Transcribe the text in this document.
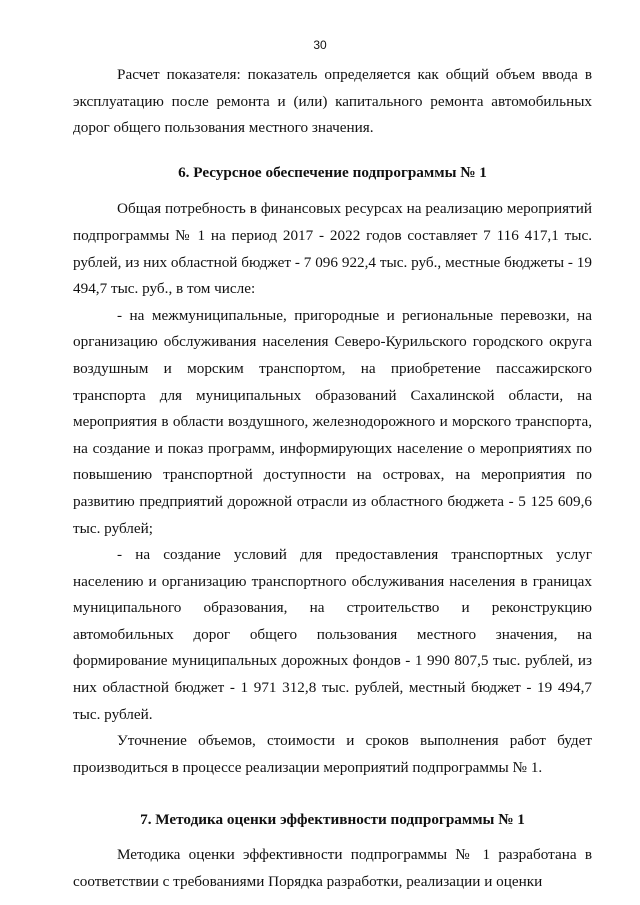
30

Расчет показателя: показатель определяется как общий объем ввода в эксплуатацию после ремонта и (или) капитального ремонта автомобильных дорог общего пользования местного значения.

6. Ресурсное обеспечение подпрограммы № 1

Общая потребность в финансовых ресурсах на реализацию мероприятий подпрограммы № 1 на период 2017 - 2022 годов составляет 7 116 417,1 тыс. рублей, из них областной бюджет - 7 096 922,4 тыс. руб., местные бюджеты - 19 494,7 тыс. руб., в том числе:

- на межмуниципальные, пригородные и региональные перевозки, на организацию обслуживания населения Северо-Курильского городского округа воздушным и морским транспортом, на приобретение пассажирского транспорта для муниципальных образований Сахалинской области, на мероприятия в области воздушного, железнодорожного и морского транспорта, на создание и показ программ, информирующих население о мероприятиях по повышению транспортной доступности на островах, на мероприятия по развитию предприятий дорожной отрасли из областного бюджета - 5 125 609,6 тыс. рублей;

- на создание условий для предоставления транспортных услуг населению и организацию транспортного обслуживания населения в границах муниципального образования, на строительство и реконструкцию автомобильных дорог общего пользования местного значения, на формирование муниципальных дорожных фондов - 1 990 807,5 тыс. рублей, из них областной бюджет - 1 971 312,8 тыс. рублей, местный бюджет - 19 494,7 тыс. рублей.

Уточнение объемов, стоимости и сроков выполнения работ будет производиться в процессе реализации мероприятий подпрограммы № 1.

7. Методика оценки эффективности подпрограммы № 1

Методика оценки эффективности подпрограммы № 1 разработана в соответствии с требованиями Порядка разработки, реализации и оценки
